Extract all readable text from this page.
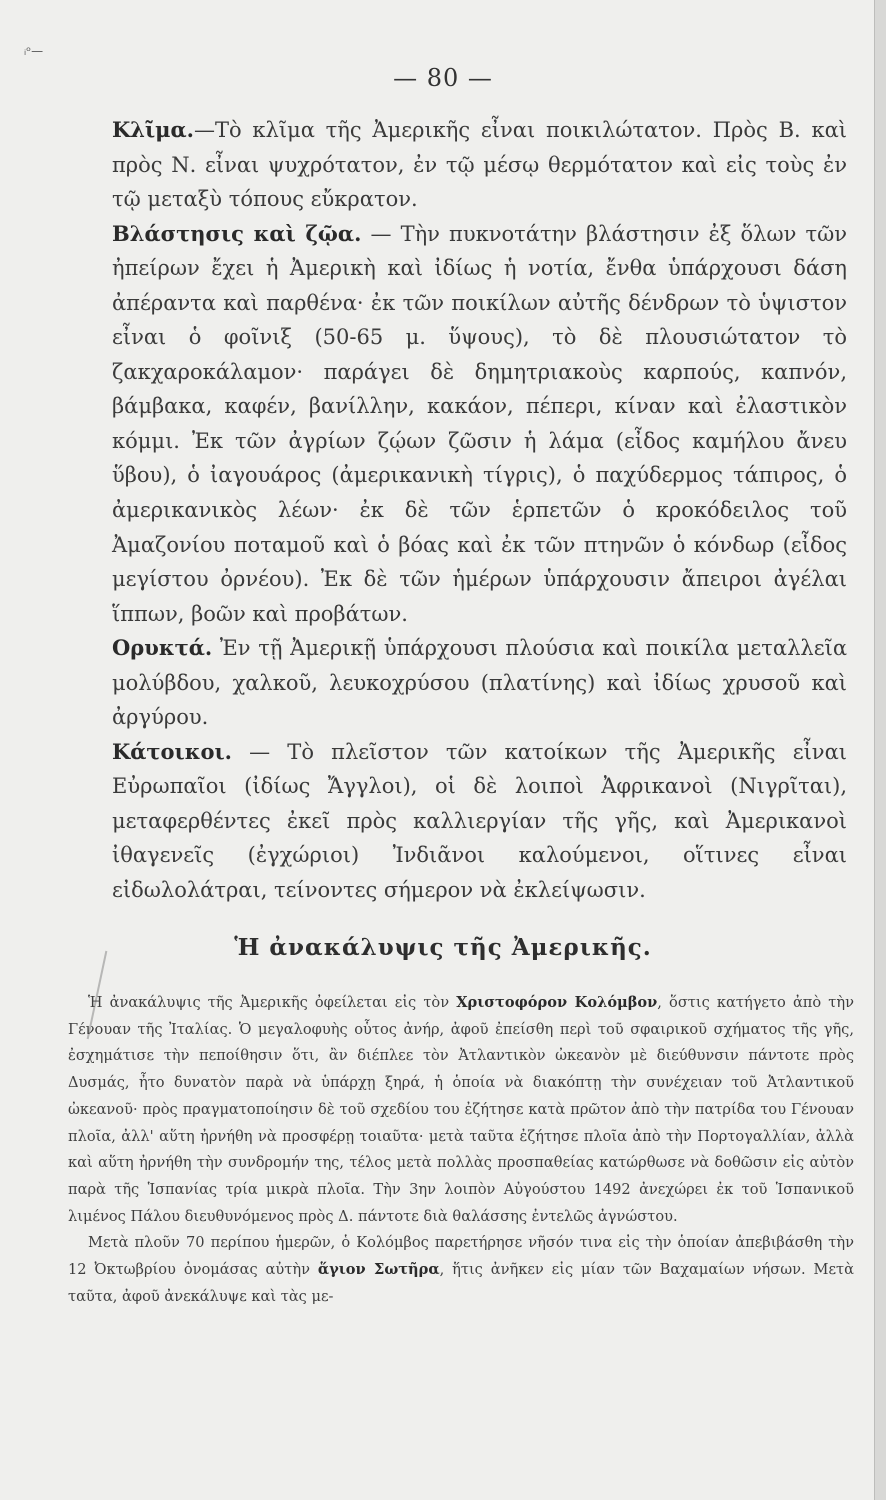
ᵢᵒ—
— 80 —

Κλῖμα.—Τὸ κλῖμα τῆς Ἀμερικῆς εἶναι ποικιλώτατον. Πρὸς Β. καὶ πρὸς Ν. εἶναι ψυχρότατον, ἐν τῷ μέσῳ θερμότατον καὶ εἰς τοὺς ἐν τῷ μεταξὺ τόπους εὔκρατον.

Βλάστησις καὶ ζῷα. — Τὴν πυκνοτάτην βλάστησιν ἐξ ὅλων τῶν ἠπείρων ἔχει ἡ Ἀμερικὴ καὶ ἰδίως ἡ νοτία, ἔνθα ὑπάρχουσι δάση ἀπέραντα καὶ παρθένα· ἐκ τῶν ποικίλων αὐτῆς δένδρων τὸ ὑψιστον εἶναι ὁ φοῖνιξ (50-65 μ. ὕψους), τὸ δὲ πλουσιώτατον τὸ ζακχαροκάλαμον· παράγει δὲ δημητριακοὺς καρπούς, καπνόν, βάμβακα, καφέν, βανίλλην, κακάον, πέπερι, κίναν καὶ ἐλαστικὸν κόμμι. Ἐκ τῶν ἀγρίων ζῴων ζῶσιν ἡ λάμα (εἶδος καμήλου ἄνευ ὕβου), ὁ ἰαγουάρος (ἀμερικανικὴ τίγρις), ὁ παχύδερμος τάπιρος, ὁ ἀμερικανικὸς λέων· ἐκ δὲ τῶν ἑρπετῶν ὁ κροκόδειλος τοῦ Ἀμαζονίου ποταμοῦ καὶ ὁ βόας καὶ ἐκ τῶν πτηνῶν ὁ κόνδωρ (εἶδος μεγίστου ὀρνέου). Ἐκ δὲ τῶν ἡμέρων ὑπάρχουσιν ἄπειροι ἀγέλαι ἵππων, βοῶν καὶ προβάτων.

Ορυκτά. Ἐν τῇ Ἀμερικῇ ὑπάρχουσι πλούσια καὶ ποικίλα μεταλλεῖα μολύβδου, χαλκοῦ, λευκοχρύσου (πλατίνης) καὶ ἰδίως χρυσοῦ καὶ ἀργύρου.

Κάτοικοι. — Τὸ πλεῖστον τῶν κατοίκων τῆς Ἀμερικῆς εἶναι Εὐρωπαῖοι (ἰδίως Ἄγγλοι), οἱ δὲ λοιποὶ Ἀφρικανοὶ (Νιγρῖται), μεταφερθέντες ἐκεῖ πρὸς καλλιεργίαν τῆς γῆς, καὶ Ἀμερικανοὶ ἰθαγενεῖς (ἐγχώριοι) Ἰνδιᾶνοι καλούμενοι, οἵτινες εἶναι εἰδωλολάτραι, τείνοντες σήμερον νὰ ἐκλείψωσιν.

Ἡ ἀνακάλυψις τῆς Ἀμερικῆς.

Ἡ ἀνακάλυψις τῆς Ἀμερικῆς ὀφείλεται εἰς τὸν Χριστοφόρον Κολόμβον, ὅστις κατήγετο ἀπὸ τὴν Γένουαν τῆς Ἰταλίας. Ὁ μεγαλοφυὴς οὗτος ἀνήρ, ἀφοῦ ἐπείσθη περὶ τοῦ σφαιρικοῦ σχήματος τῆς γῆς, ἐσχημάτισε τὴν πεποίθησιν ὅτι, ἂν διέπλεε τὸν Ἀτλαντικὸν ὠκεανὸν μὲ διεύθυνσιν πάντοτε πρὸς Δυσμάς, ἦτο δυνατὸν παρὰ νὰ ὑπάρχῃ ξηρά, ἡ ὁποία νὰ διακόπτῃ τὴν συνέχειαν τοῦ Ἀτλαντικοῦ ὠκεανοῦ· πρὸς πραγματοποίησιν δὲ τοῦ σχεδίου του ἐζήτησε κατὰ πρῶτον ἀπὸ τὴν πατρίδα του Γένουαν πλοῖα, ἀλλ' αὕτη ἠρνήθη νὰ προσφέρῃ τοιαῦτα· μετὰ ταῦτα ἐζήτησε πλοῖα ἀπὸ τὴν Πορτογαλλίαν, ἀλλὰ καὶ αὕτη ἠρνήθη τὴν συνδρομήν της, τέλος μετὰ πολλὰς προσπαθείας κατώρθωσε νὰ δοθῶσιν εἰς αὐτὸν παρὰ τῆς Ἱσπανίας τρία μικρὰ πλοῖα. Τὴν 3ην λοιπὸν Αὐγούστου 1492 ἀνεχώρει ἐκ τοῦ Ἱσπανικοῦ λιμένος Πάλου διευθυνόμενος πρὸς Δ. πάντοτε διὰ θαλάσσης ἐντελῶς ἀγνώστου.

Μετὰ πλοῦν 70 περίπου ἡμερῶν, ὁ Κολόμβος παρετήρησε νῆσόν τινα εἰς τὴν ὁποίαν ἀπεβιβάσθη τὴν 12 Ὀκτωβρίου ὀνομάσας αὐτὴν ἅγιον Σωτῆρα, ἥτις ἀνῆκεν εἰς μίαν τῶν Βαχαμαίων νήσων. Μετὰ ταῦτα, ἀφοῦ ἀνεκάλυψε καὶ τὰς με-
